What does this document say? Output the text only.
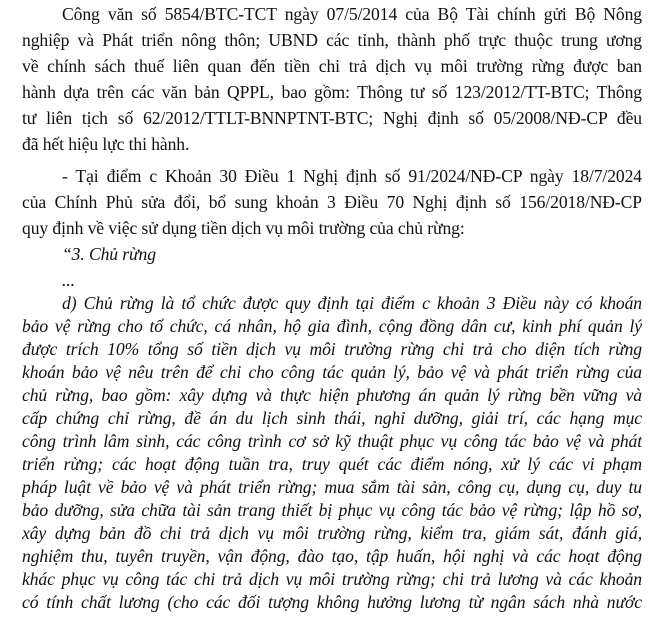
Công văn số 5854/BTC-TCT ngày 07/5/2014 của Bộ Tài chính gửi Bộ Nông
nghiệp và Phát triển nông thôn; UBND các tỉnh, thành phố trực thuộc trung ương
về chính sách thuế liên quan đến tiền chi trả dịch vụ môi trường rừng được ban
hành dựa trên các văn bản QPPL, bao gồm: Thông tư số 123/2012/TT-BTC; Thông
tư liên tịch số 62/2012/TTLT-BNNPTNT-BTC; Nghị định số 05/2008/NĐ-CP đều
đã hết hiệu lực thi hành.
- Tại điểm c Khoản 30 Điều 1 Nghị định số 91/2024/NĐ-CP ngày 18/7/2024
của Chính Phủ sửa đổi, bổ sung khoản 3 Điều 70 Nghị định số 156/2018/NĐ-CP
quy định về việc sử dụng tiền dịch vụ môi trường của chủ rừng:
“3. Chủ rừng
...
d) Chủ rừng là tổ chức được quy định tại điểm c khoản 3 Điều này có khoán
bảo vệ rừng cho tổ chức, cá nhân, hộ gia đình, cộng đồng dân cư, kinh phí quản lý
được trích 10% tổng số tiền dịch vụ môi trường rừng chi trả cho diện tích rừng
khoán bảo vệ nêu trên để chi cho công tác quản lý, bảo vệ và phát triển rừng của
chủ rừng, bao gồm: xây dựng và thực hiện phương án quản lý rừng bền vững và
cấp chứng chỉ rừng, đề án du lịch sinh thái, nghỉ dưỡng, giải trí, các hạng mục
công trình lâm sinh, các công trình cơ sở kỹ thuật phục vụ công tác bảo vệ và phát
triển rừng; các hoạt động tuần tra, truy quét các điểm nóng, xử lý các vi phạm
pháp luật về bảo vệ và phát triển rừng; mua sắm tài sản, công cụ, dụng cụ, duy tu
bảo dưỡng, sửa chữa tài sản trang thiết bị phục vụ công tác bảo vệ rừng; lập hồ sơ,
xây dựng bản đồ chi trả dịch vụ môi trường rừng, kiểm tra, giám sát, đánh giá,
nghiệm thu, tuyên truyền, vận động, đào tạo, tập huấn, hội nghị và các hoạt động
khác phục vụ công tác chi trả dịch vụ môi trường rừng; chi trả lương và các khoản
có tính chất lương (cho các đối tượng không hưởng lương từ ngân sách nhà nước
